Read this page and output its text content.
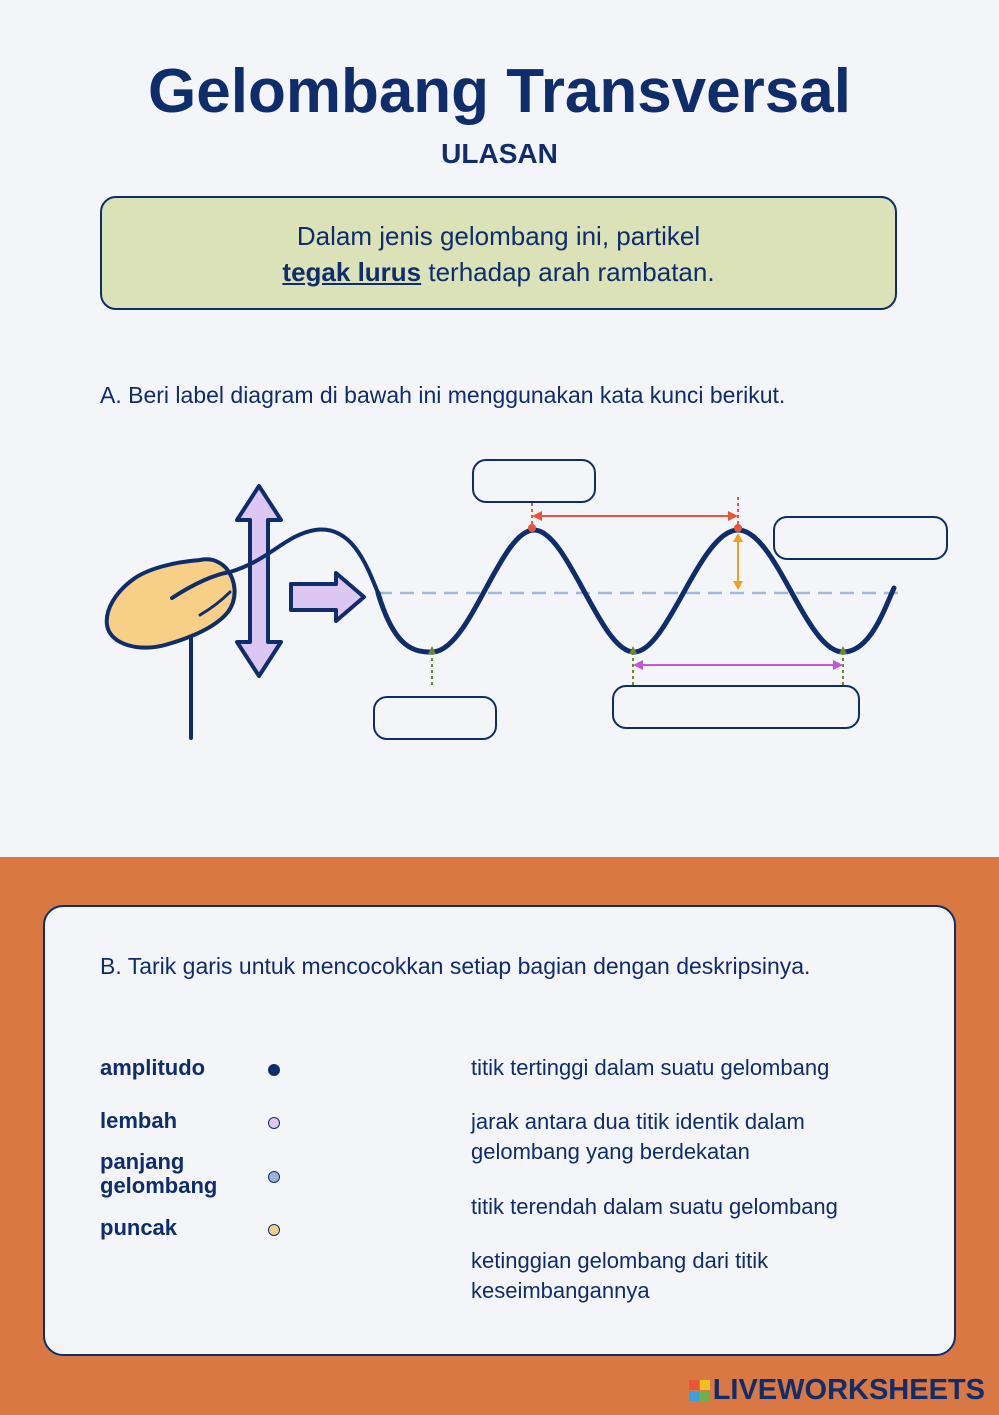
Gelombang Transversal
ULASAN
Dalam jenis gelombang ini, partikel
tegak lurus terhadap arah rambatan.
A. Beri label diagram di bawah ini menggunakan kata kunci berikut.
B. Tarik garis untuk mencocokkan setiap bagian dengan deskripsinya.
amplitudo
lembah
panjang gelombang
puncak
titik tertinggi dalam suatu gelombang
jarak antara dua titik identik dalam gelombang yang berdekatan
titik terendah dalam suatu gelombang
ketinggian gelombang dari titik keseimbangannya
LIVEWORKSHEETS
